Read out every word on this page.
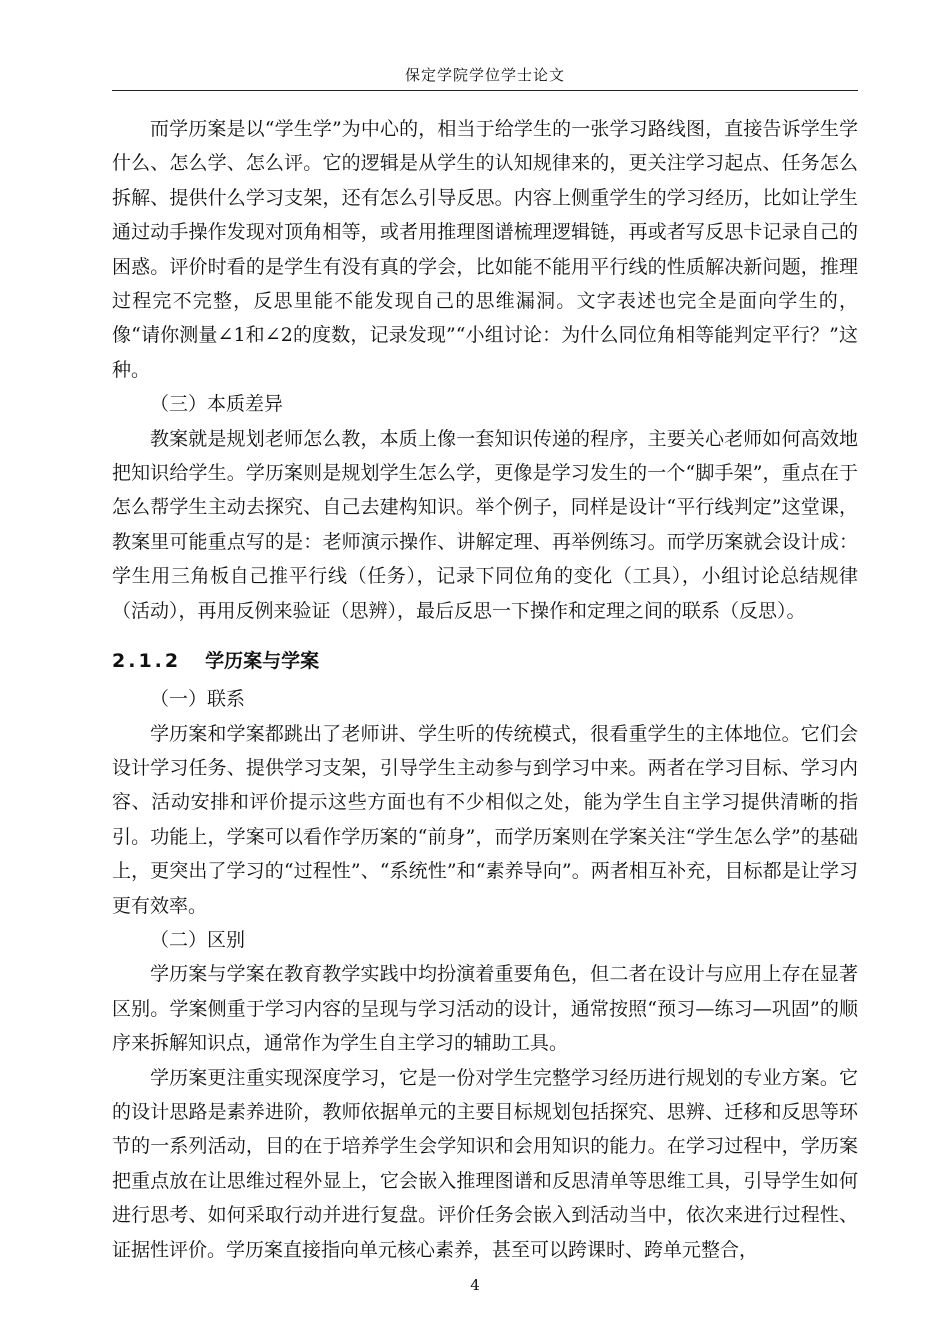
保定学院学位学士论文

而学历案是以“学生学”为中心的，相当于给学生的一张学习路线图，直接告诉学生学什么、怎么学、怎么评。它的逻辑是从学生的认知规律来的，更关注学习起点、任务怎么拆解、提供什么学习支架，还有怎么引导反思。内容上侧重学生的学习经历，比如让学生通过动手操作发现对顶角相等，或者用推理图谱梳理逻辑链，再或者写反思卡记录自己的困惑。评价时看的是学生有没有真的学会，比如能不能用平行线的性质解决新问题，推理过程完不完整，反思里能不能发现自己的思维漏洞。文字表述也完全是面向学生的，像“请你测量∠1和∠2的度数，记录发现”“小组讨论：为什么同位角相等能判定平行？”这种。

（三）本质差异

教案就是规划老师怎么教，本质上像一套知识传递的程序，主要关心老师如何高效地把知识给学生。学历案则是规划学生怎么学，更像是学习发生的一个“脚手架”，重点在于怎么帮学生主动去探究、自己去建构知识。举个例子，同样是设计“平行线判定”这堂课，教案里可能重点写的是：老师演示操作、讲解定理、再举例练习。而学历案就会设计成：学生用三角板自己推平行线（任务），记录下同位角的变化（工具），小组讨论总结规律（活动），再用反例来验证（思辨），最后反思一下操作和定理之间的联系（反思）。

2.1.2 学历案与学案

（一）联系

学历案和学案都跳出了老师讲、学生听的传统模式，很看重学生的主体地位。它们会设计学习任务、提供学习支架，引导学生主动参与到学习中来。两者在学习目标、学习内容、活动安排和评价提示这些方面也有不少相似之处，能为学生自主学习提供清晰的指引。功能上，学案可以看作学历案的“前身”，而学历案则在学案关注“学生怎么学”的基础上，更突出了学习的“过程性”、“系统性”和“素养导向”。两者相互补充，目标都是让学习更有效率。

（二）区别

学历案与学案在教育教学实践中均扮演着重要角色，但二者在设计与应用上存在显著区别。学案侧重于学习内容的呈现与学习活动的设计，通常按照“预习—练习—巩固”的顺序来拆解知识点，通常作为学生自主学习的辅助工具。

学历案更注重实现深度学习，它是一份对学生完整学习经历进行规划的专业方案。它的设计思路是素养进阶，教师依据单元的主要目标规划包括探究、思辨、迁移和反思等环节的一系列活动，目的在于培养学生会学知识和会用知识的能力。在学习过程中，学历案把重点放在让思维过程外显上，它会嵌入推理图谱和反思清单等思维工具，引导学生如何进行思考、如何采取行动并进行复盘。评价任务会嵌入到活动当中，依次来进行过程性、证据性评价。学历案直接指向单元核心素养，甚至可以跨课时、跨单元整合，

4
